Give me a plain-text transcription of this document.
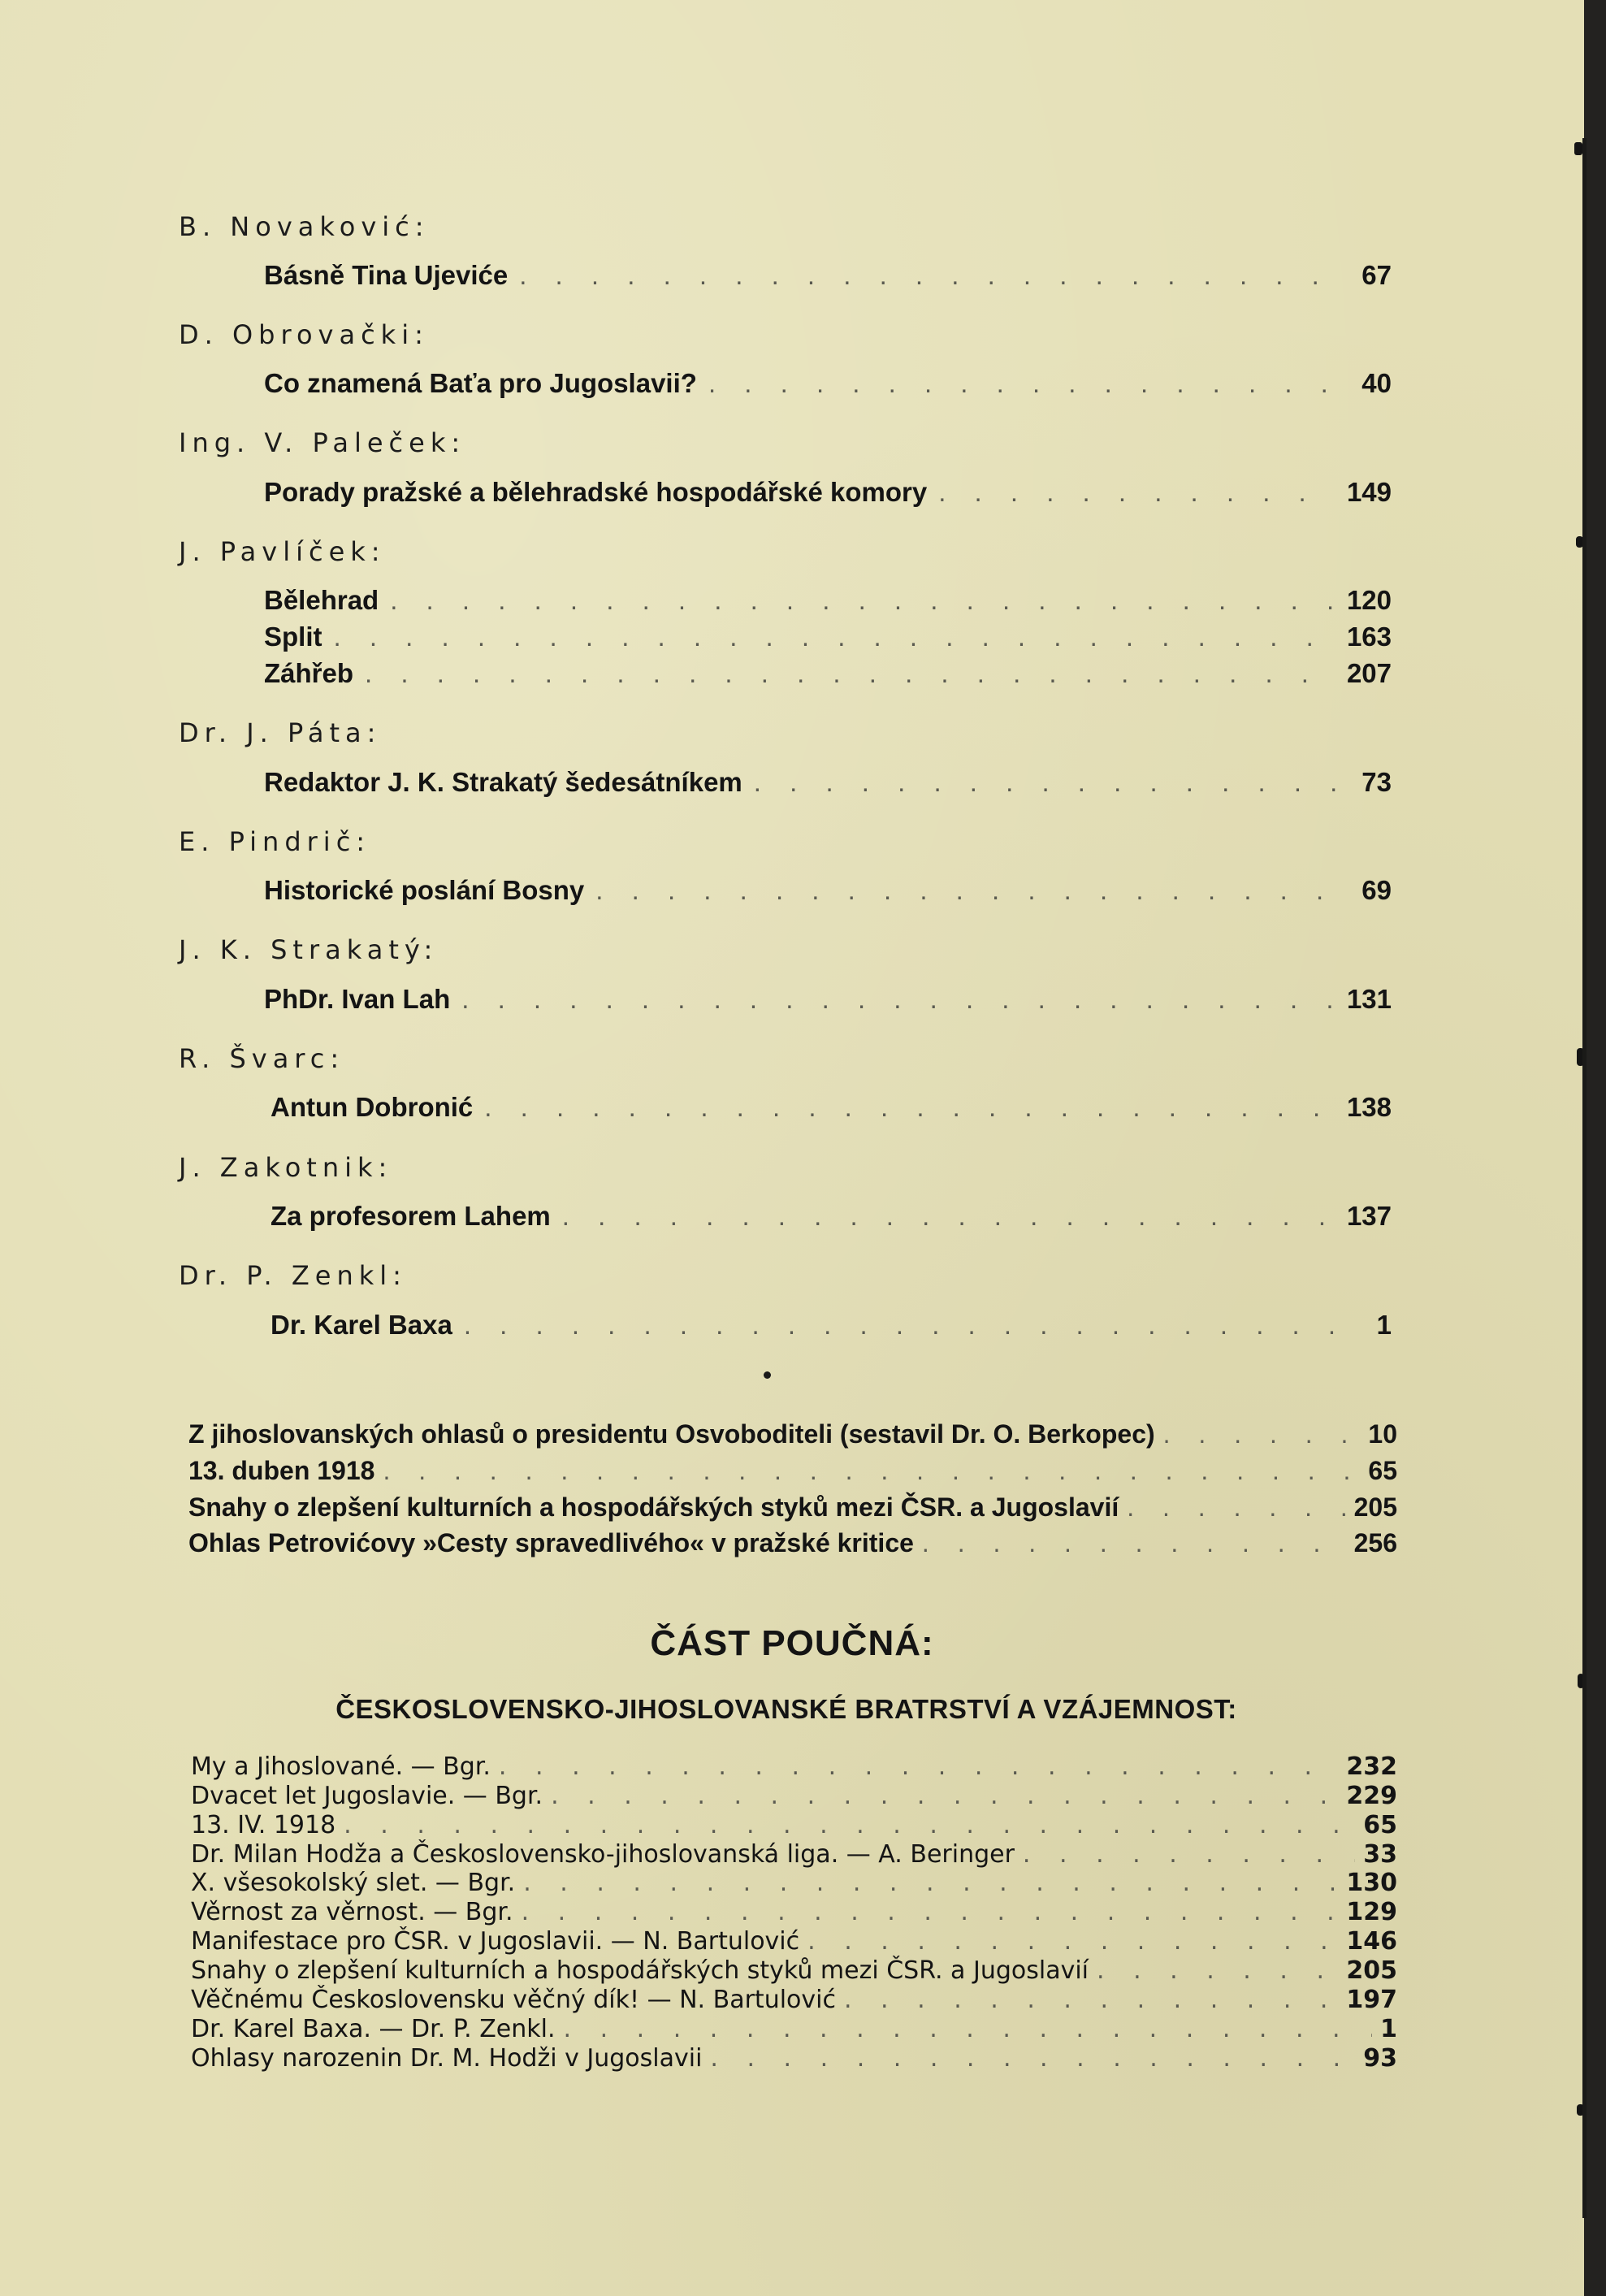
B. Novaković:
Básně Tina Ujeviće . . .	67
D. Obrovački:
Co znamená Baťa pro Jugoslavii? . . .	40
Ing. V. Paleček:
Porady pražské a bělehradské hospodářské komory . . .	149
J. Pavlíček:
Bělehrad . . .	120
Split . . .	163
Záhřeb . . .	207
Dr. J. Páta:
Redaktor J. K. Strakatý šedesátníkem . . .	73
E. Pindrič:
Historické poslání Bosny . . .	69
J. K. Strakatý:
PhDr. Ivan Lah . . .	131
R. Švarc:
Antun Dobronić . . .	138
J. Zakotnik:
Za profesorem Lahem . . .	137
Dr. P. Zenkl:
Dr. Karel Baxa . . .	1
Z jihoslovanských ohlasů o presidentu Osvoboditeli (sestavil Dr. O. Berkopec) . . .	10
13. duben 1918 . . .	65
Snahy o zlepšení kulturních a hospodářských styků mezi ČSR. a Jugoslavií . . .	205
Ohlas Petrovićovy »Cesty spravedlivého« v pražské kritice . . .	256
ČÁST POUČNÁ:
ČESKOSLOVENSKO-JIHOSLOVANSKÉ BRATRSTVÍ A VZÁJEMNOST:
My a Jihoslované. — Bgr. . . .	232
Dvacet let Jugoslavie. — Bgr. . . .	229
13. IV. 1918 . . .	65
Dr. Milan Hodža a Československo-jihoslovanská liga. — A. Beringer . . .	33
X. všesokolský slet. — Bgr. . . .	130
Věrnost za věrnost. — Bgr. . . .	129
Manifestace pro ČSR. v Jugoslavii. — N. Bartulović . . .	146
Snahy o zlepšení kulturních a hospodářských styků mezi ČSR. a Jugoslavií . . .	205
Věčnému Československu věčný dík! — N. Bartulović . . .	197
Dr. Karel Baxa. — Dr. P. Zenkl. . . .	1
Ohlasy narozenin Dr. M. Hodži v Jugoslavii . . .	93
